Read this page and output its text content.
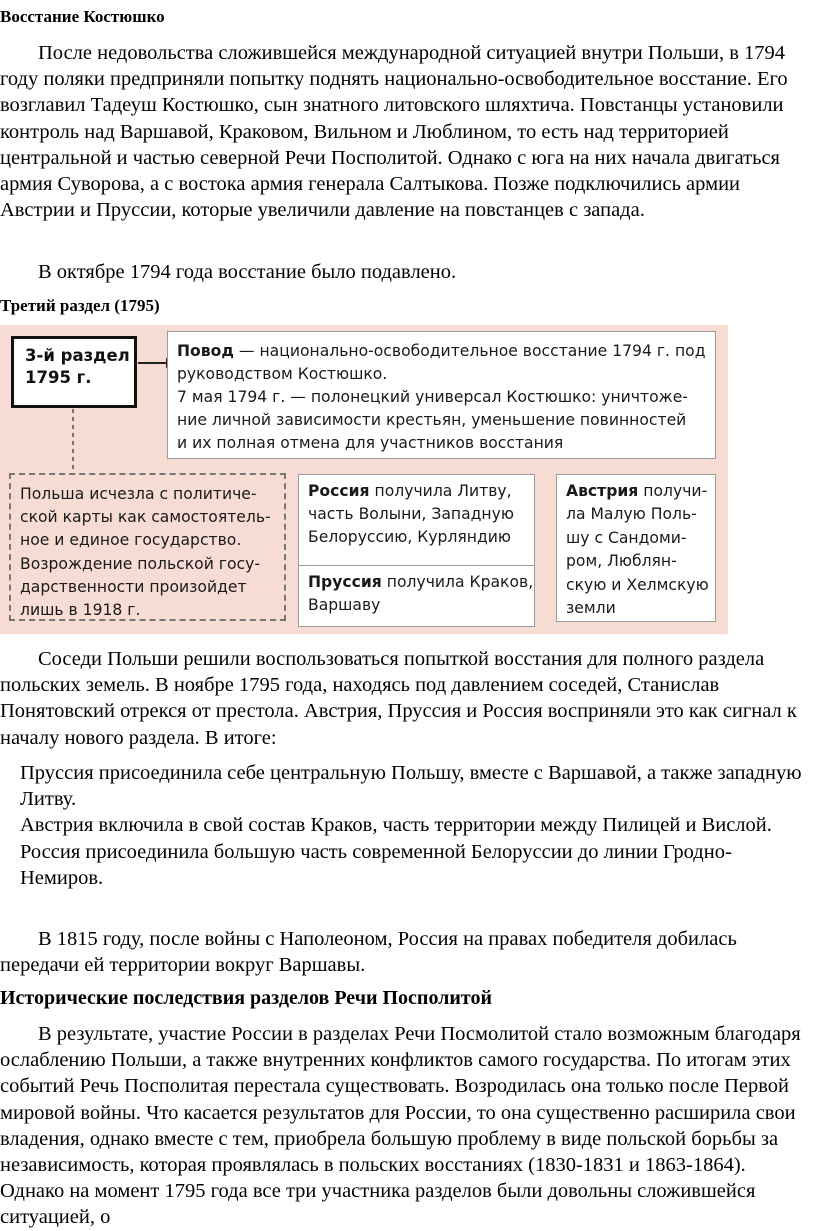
Восстание Костюшко

После недовольства сложившейся международной ситуацией внутри Польши, в 1794 году поляки предприняли попытку поднять национально-освободительное восстание. Его возглавил Тадеуш Костюшко, сын знатного литовского шляхтича. Повстанцы установили контроль над Варшавой, Краковом, Вильном и Люблином, то есть над территорией центральной и частью северной Речи Посполитой. Однако с юга на них начала двигаться армия Суворова, а с востока армия генерала Салтыкова. Позже подключились армии Австрии и Пруссии, которые увеличили давление на повстанцев с запада.

В октябре 1794 года восстание было подавлено.

Третий раздел (1795)
3-й раздел
1795 г.
Повод — национально-освободительное восстание 1794 г. под руководством Костюшко.
7 мая 1794 г. — полонецкий универсал Костюшко: уничтоже-
ние личной зависимости крестьян, уменьшение повинностей
и их полная отмена для участников восстания
Польша исчезла с политиче-
ской карты как самостоятель-
ное и единое государство.
Возрождение польской госу-
дарственности произойдет
лишь в 1918 г.
Россия получила Литву,
часть Волыни, Западную
Белоруссию, Курляндию
Пруссия получила Краков,
Варшаву
Австрия получи-
ла Малую Поль-
шу с Сандоми-
ром, Люблян-
скую и Хелмскую
земли

Соседи Польши решили воспользоваться попыткой восстания для полного раздела польских земель. В ноябре 1795 года, находясь под давлением соседей, Станислав Понятовский отрекся от престола. Австрия, Пруссия и Россия восприняли это как сигнал к началу нового раздела. В итоге:

Пруссия присоединила себе центральную Польшу, вместе с Варшавой, а также западную Литву.

Австрия включила в свой состав Краков, часть территории между Пилицей и Вислой.

Россия присоединила большую часть современной Белоруссии до линии Гродно-Немиров.

В 1815 году, после войны с Наполеоном, Россия на правах победителя добилась передачи ей территории вокруг Варшавы.

Исторические последствия разделов Речи Посполитой

В результате, участие России в разделах Речи Посмолитой стало возможным благодаря ослаблению Польши, а также внутренних конфликтов самого государства. По итогам этих событий Речь Посполитая перестала существовать. Возродилась она только после Первой мировой войны. Что касается результатов для России, то она существенно расширила свои владения, однако вместе с тем, приобрела большую проблему в виде польской борьбы за независимость, которая проявлялась в польских восстаниях (1830-1831 и 1863-1864). Однако на момент 1795 года все три участника разделов были довольны сложившейся ситуацией, о
